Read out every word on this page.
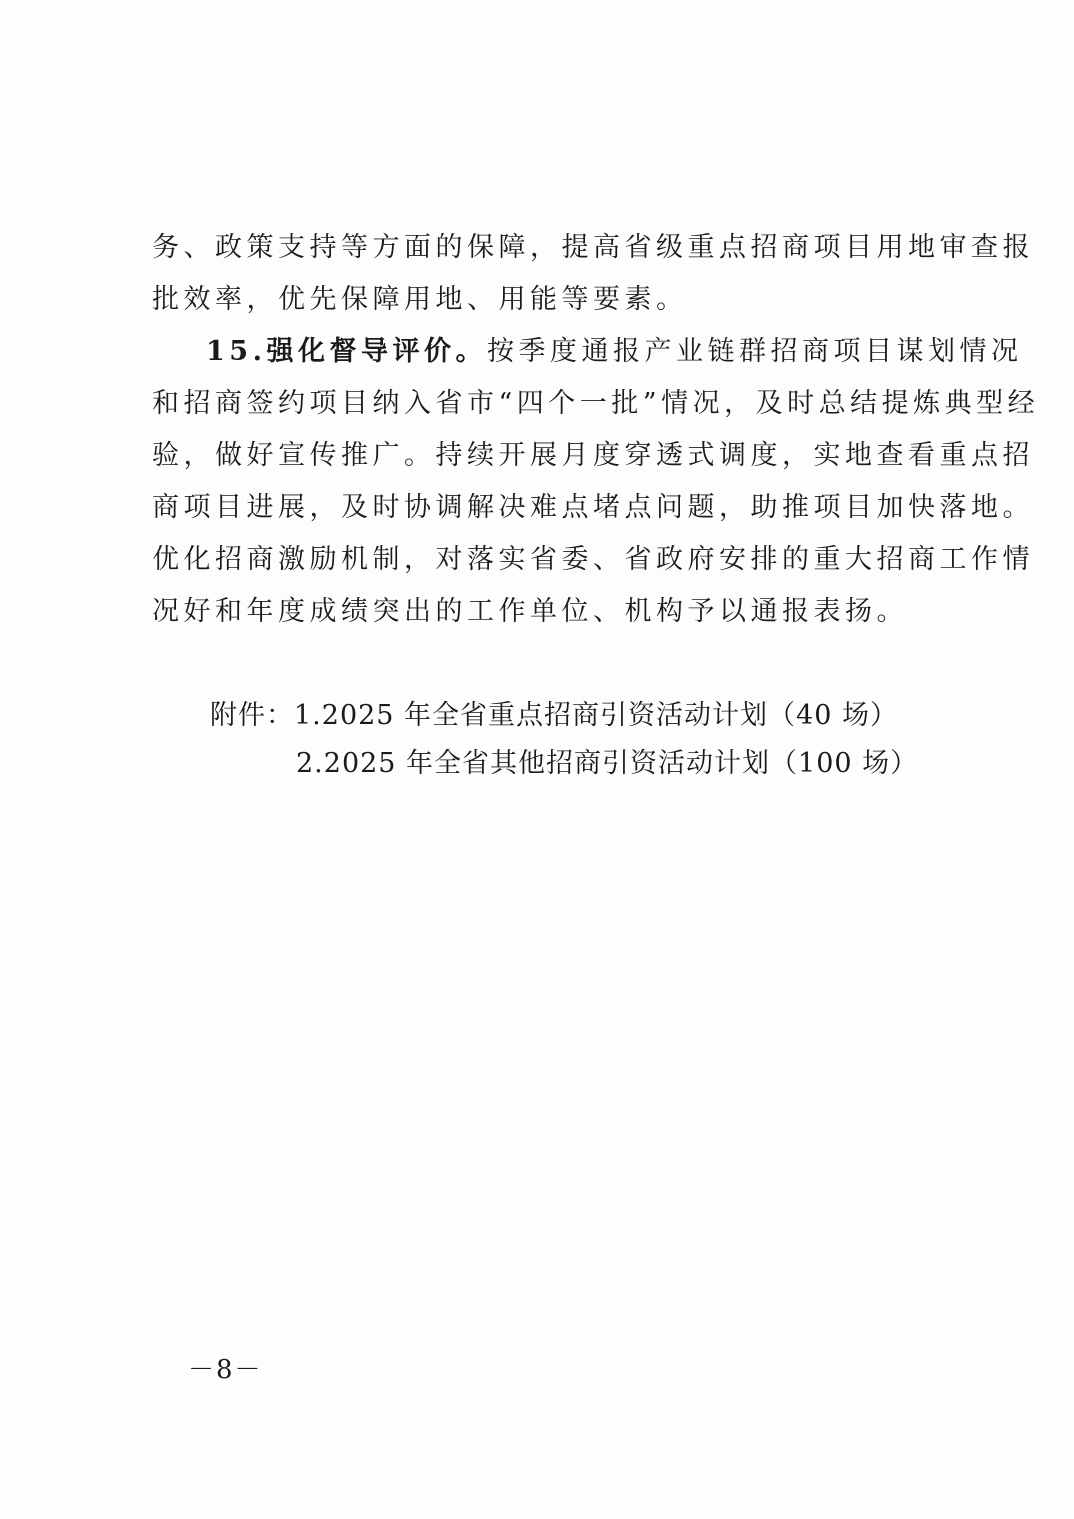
务、政策支持等方面的保障，提高省级重点招商项目用地审查报
批效率，优先保障用地、用能等要素。
15.强化督导评价。按季度通报产业链群招商项目谋划情况
和招商签约项目纳入省市“四个一批”情况，及时总结提炼典型经
验，做好宣传推广。持续开展月度穿透式调度，实地查看重点招
商项目进展，及时协调解决难点堵点问题，助推项目加快落地。
优化招商激励机制，对落实省委、省政府安排的重大招商工作情
况好和年度成绩突出的工作单位、机构予以通报表扬。
附件：1.2025 年全省重点招商引资活动计划（40 场）
2.2025 年全省其他招商引资活动计划（100 场）
－8－
